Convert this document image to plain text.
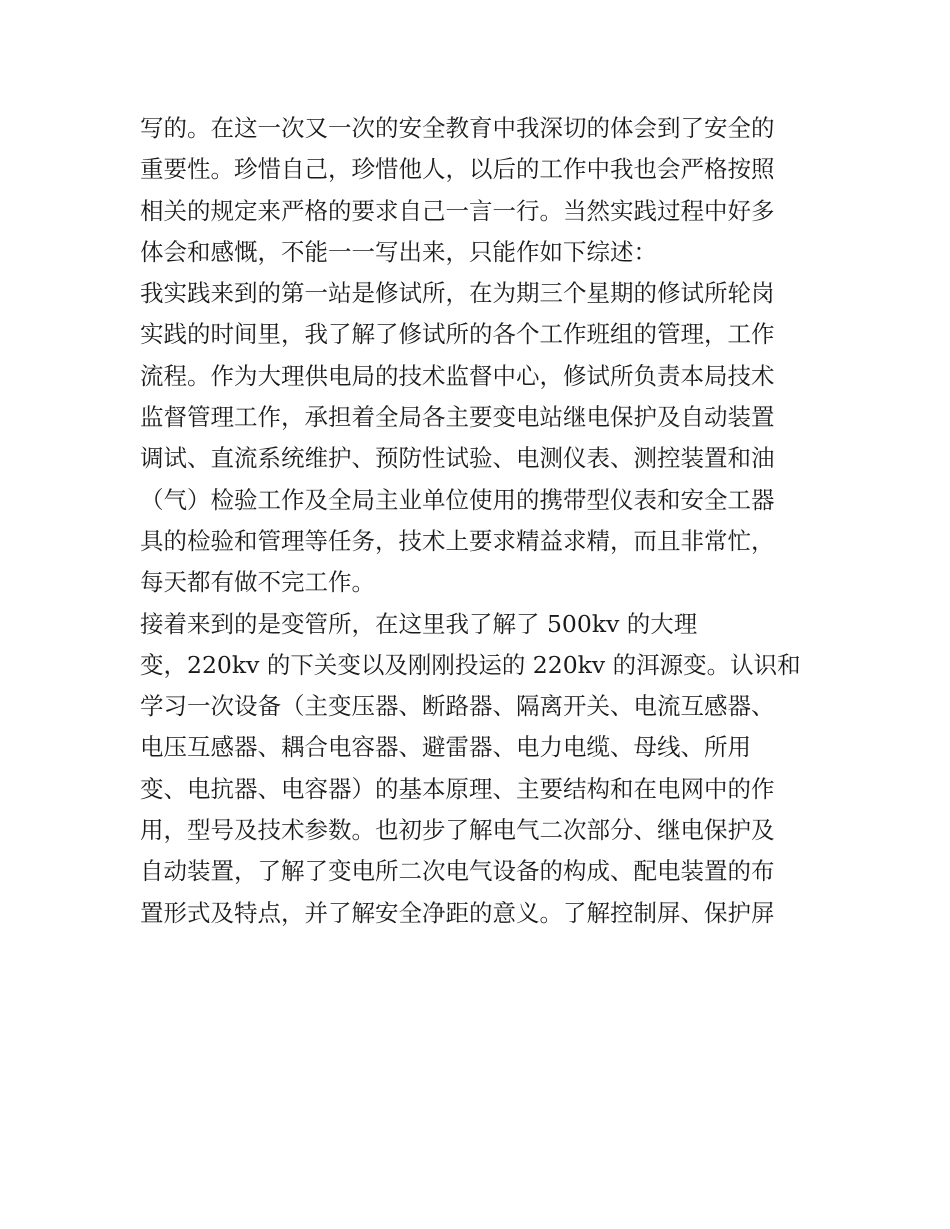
写的。在这一次又一次的安全教育中我深切的体会到了安全的
重要性。珍惜自己，珍惜他人，以后的工作中我也会严格按照
相关的规定来严格的要求自己一言一行。当然实践过程中好多
体会和感慨，不能一一写出来，只能作如下综述：
我实践来到的第一站是修试所，在为期三个星期的修试所轮岗
实践的时间里，我了解了修试所的各个工作班组的管理，工作
流程。作为大理供电局的技术监督中心，修试所负责本局技术
监督管理工作，承担着全局各主要变电站继电保护及自动装置
调试、直流系统维护、预防性试验、电测仪表、测控装置和油
（气）检验工作及全局主业单位使用的携带型仪表和安全工器
具的检验和管理等任务，技术上要求精益求精，而且非常忙，
每天都有做不完工作。
接着来到的是变管所，在这里我了解了 500kv 的大理
变，220kv 的下关变以及刚刚投运的 220kv 的洱源变。认识和
学习一次设备（主变压器、断路器、隔离开关、电流互感器、
电压互感器、耦合电容器、避雷器、电力电缆、母线、所用
变、电抗器、电容器）的基本原理、主要结构和在电网中的作
用，型号及技术参数。也初步了解电气二次部分、继电保护及
自动装置，了解了变电所二次电气设备的构成、配电装置的布
置形式及特点，并了解安全净距的意义。了解控制屏、保护屏
